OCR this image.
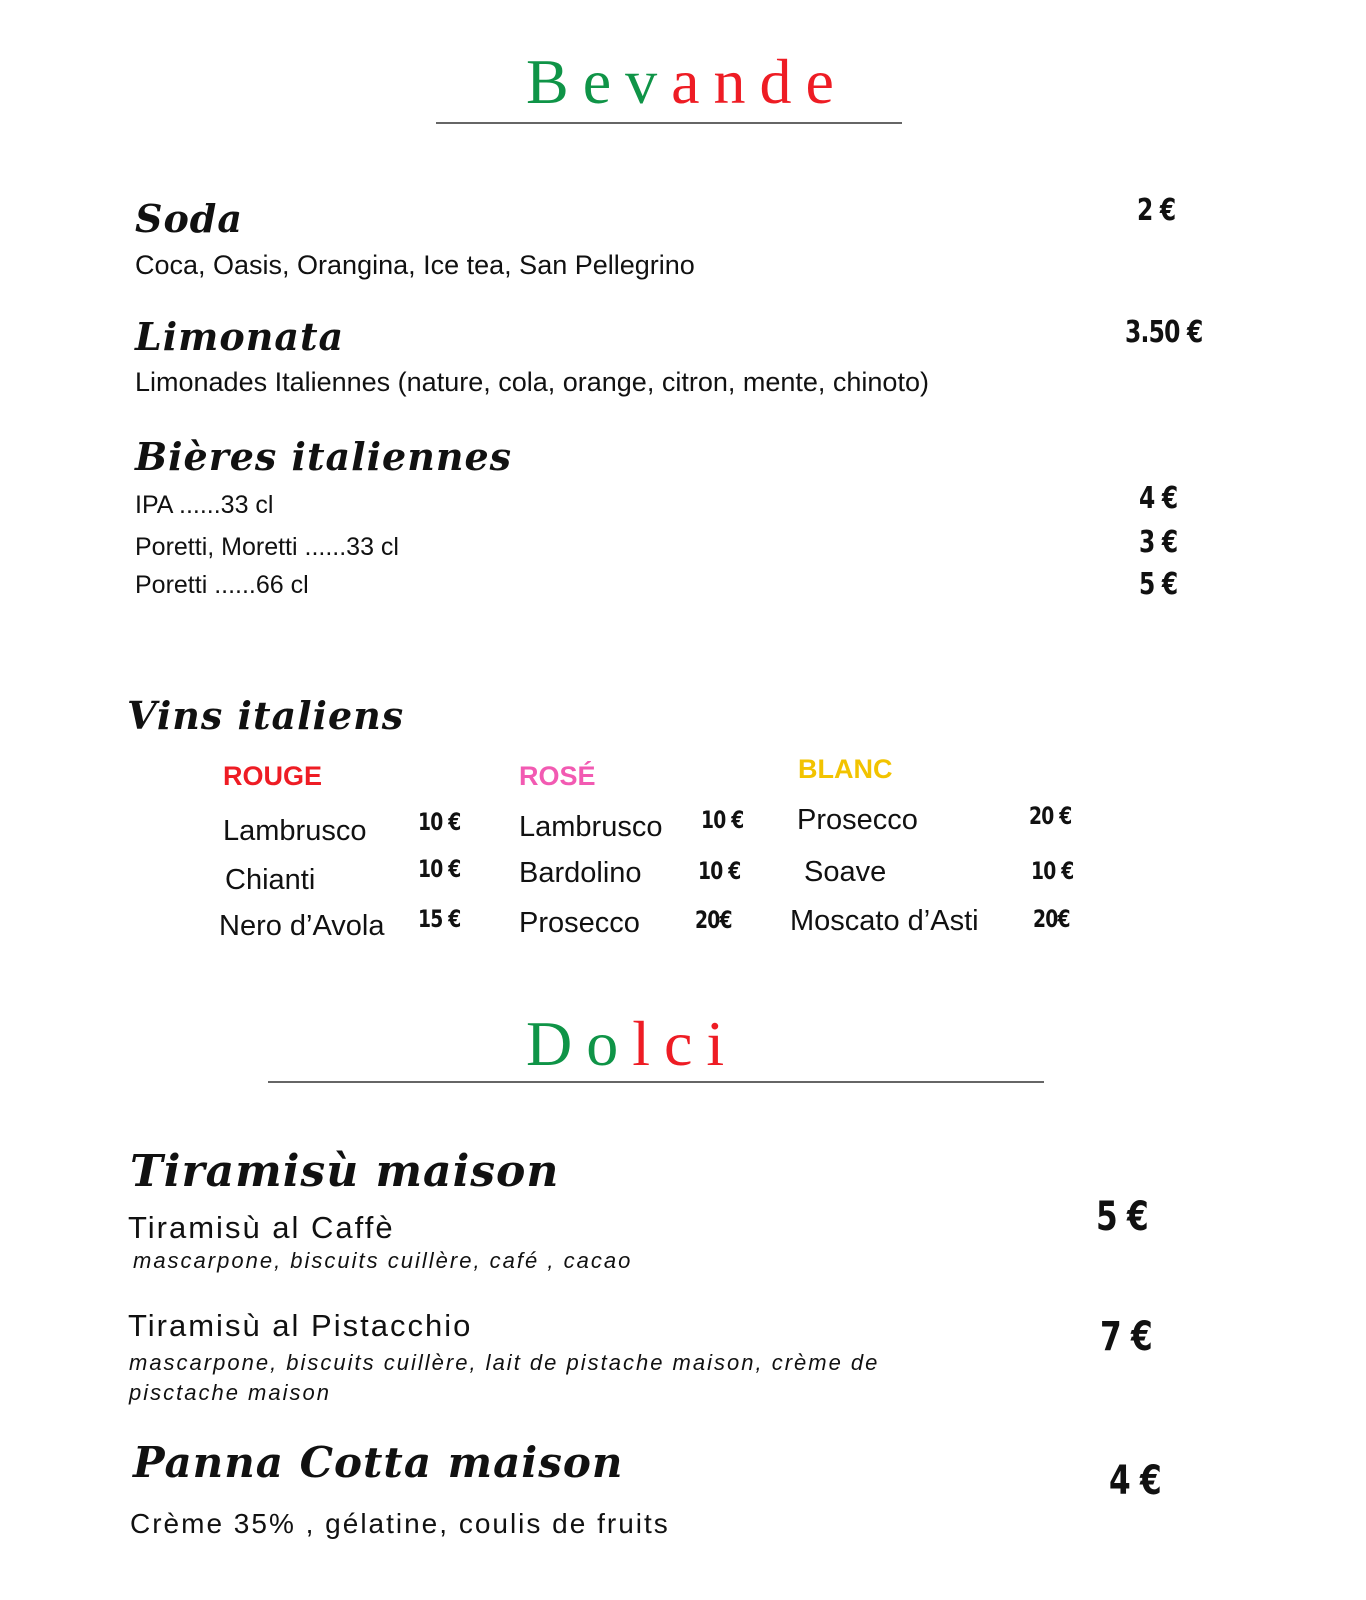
Bevande
Soda
Coca, Oasis, Orangina, Ice tea, San Pellegrino
2 €
Limonata
Limonades Italiennes (nature, cola, orange, citron, mente, chinoto)
3.50 €
Bières italiennes
IPA ......33 cl	4 €
Poretti, Moretti ......33 cl	3 €
Poretti ......66 cl	5 €
Vins italiens
ROUGE
Lambrusco 10 €
Chianti	10 €
Nero d’Avola 15 €
ROSÉ
Lambrusco 10 €
Bardolino 10 €
Prosecco 20€
BLANC
Prosecco	20 €
Soave	10 €
Moscato d’Asti 20€
Dolci
Tiramisù maison
Tiramisù al Caffè
mascarpone, biscuits cuillère, café , cacao
5 €
Tiramisù al Pistacchio
mascarpone, biscuits cuillère, lait de pistache maison, crème de
pisctache maison
7 €
Panna Cotta maison
Crème 35% , gélatine, coulis de fruits
4 €
